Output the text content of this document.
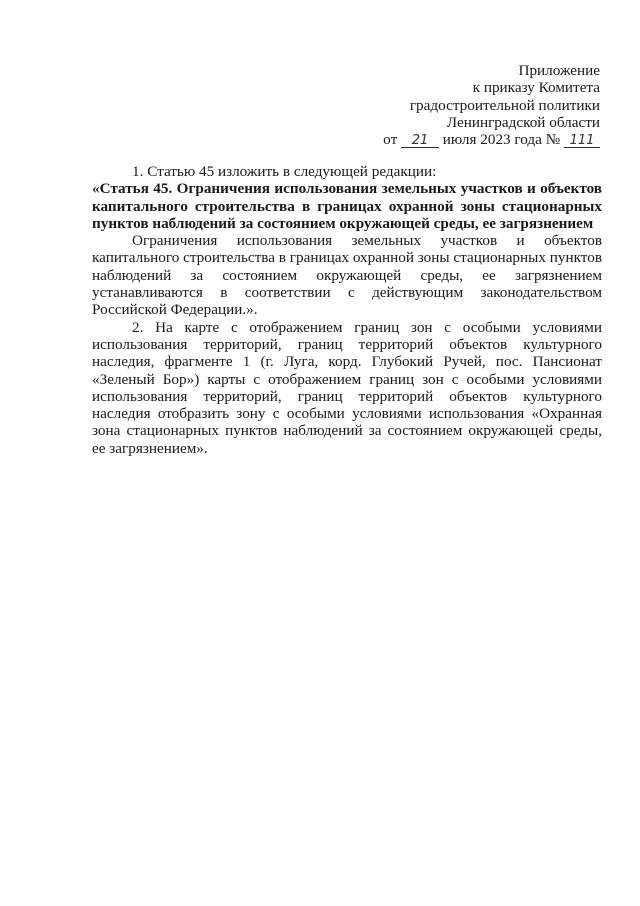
Приложение
к приказу Комитета
градостроительной политики
Ленинградской области
от 21 июля 2023 года № 111

1. Статью 45 изложить в следующей редакции:

«Статья 45. Ограничения использования земельных участков и объектов капитального строительства в границах охранной зоны стационарных пунктов наблюдений за состоянием окружающей среды, ее загрязнением

Ограничения использования земельных участков и объектов капитального строительства в границах охранной зоны стационарных пунктов наблюдений за состоянием окружающей среды, ее загрязнением устанавливаются в соответствии с действующим законодательством Российской Федерации.».

2. На карте с отображением границ зон с особыми условиями использования территорий, границ территорий объектов культурного наследия, фрагменте 1 (г. Луга, корд. Глубокий Ручей, пос. Пансионат «Зеленый Бор») карты с отображением границ зон с особыми условиями использования территорий, границ территорий объектов культурного наследия отобразить зону с особыми условиями использования «Охранная зона стационарных пунктов наблюдений за состоянием окружающей среды, ее загрязнением».
